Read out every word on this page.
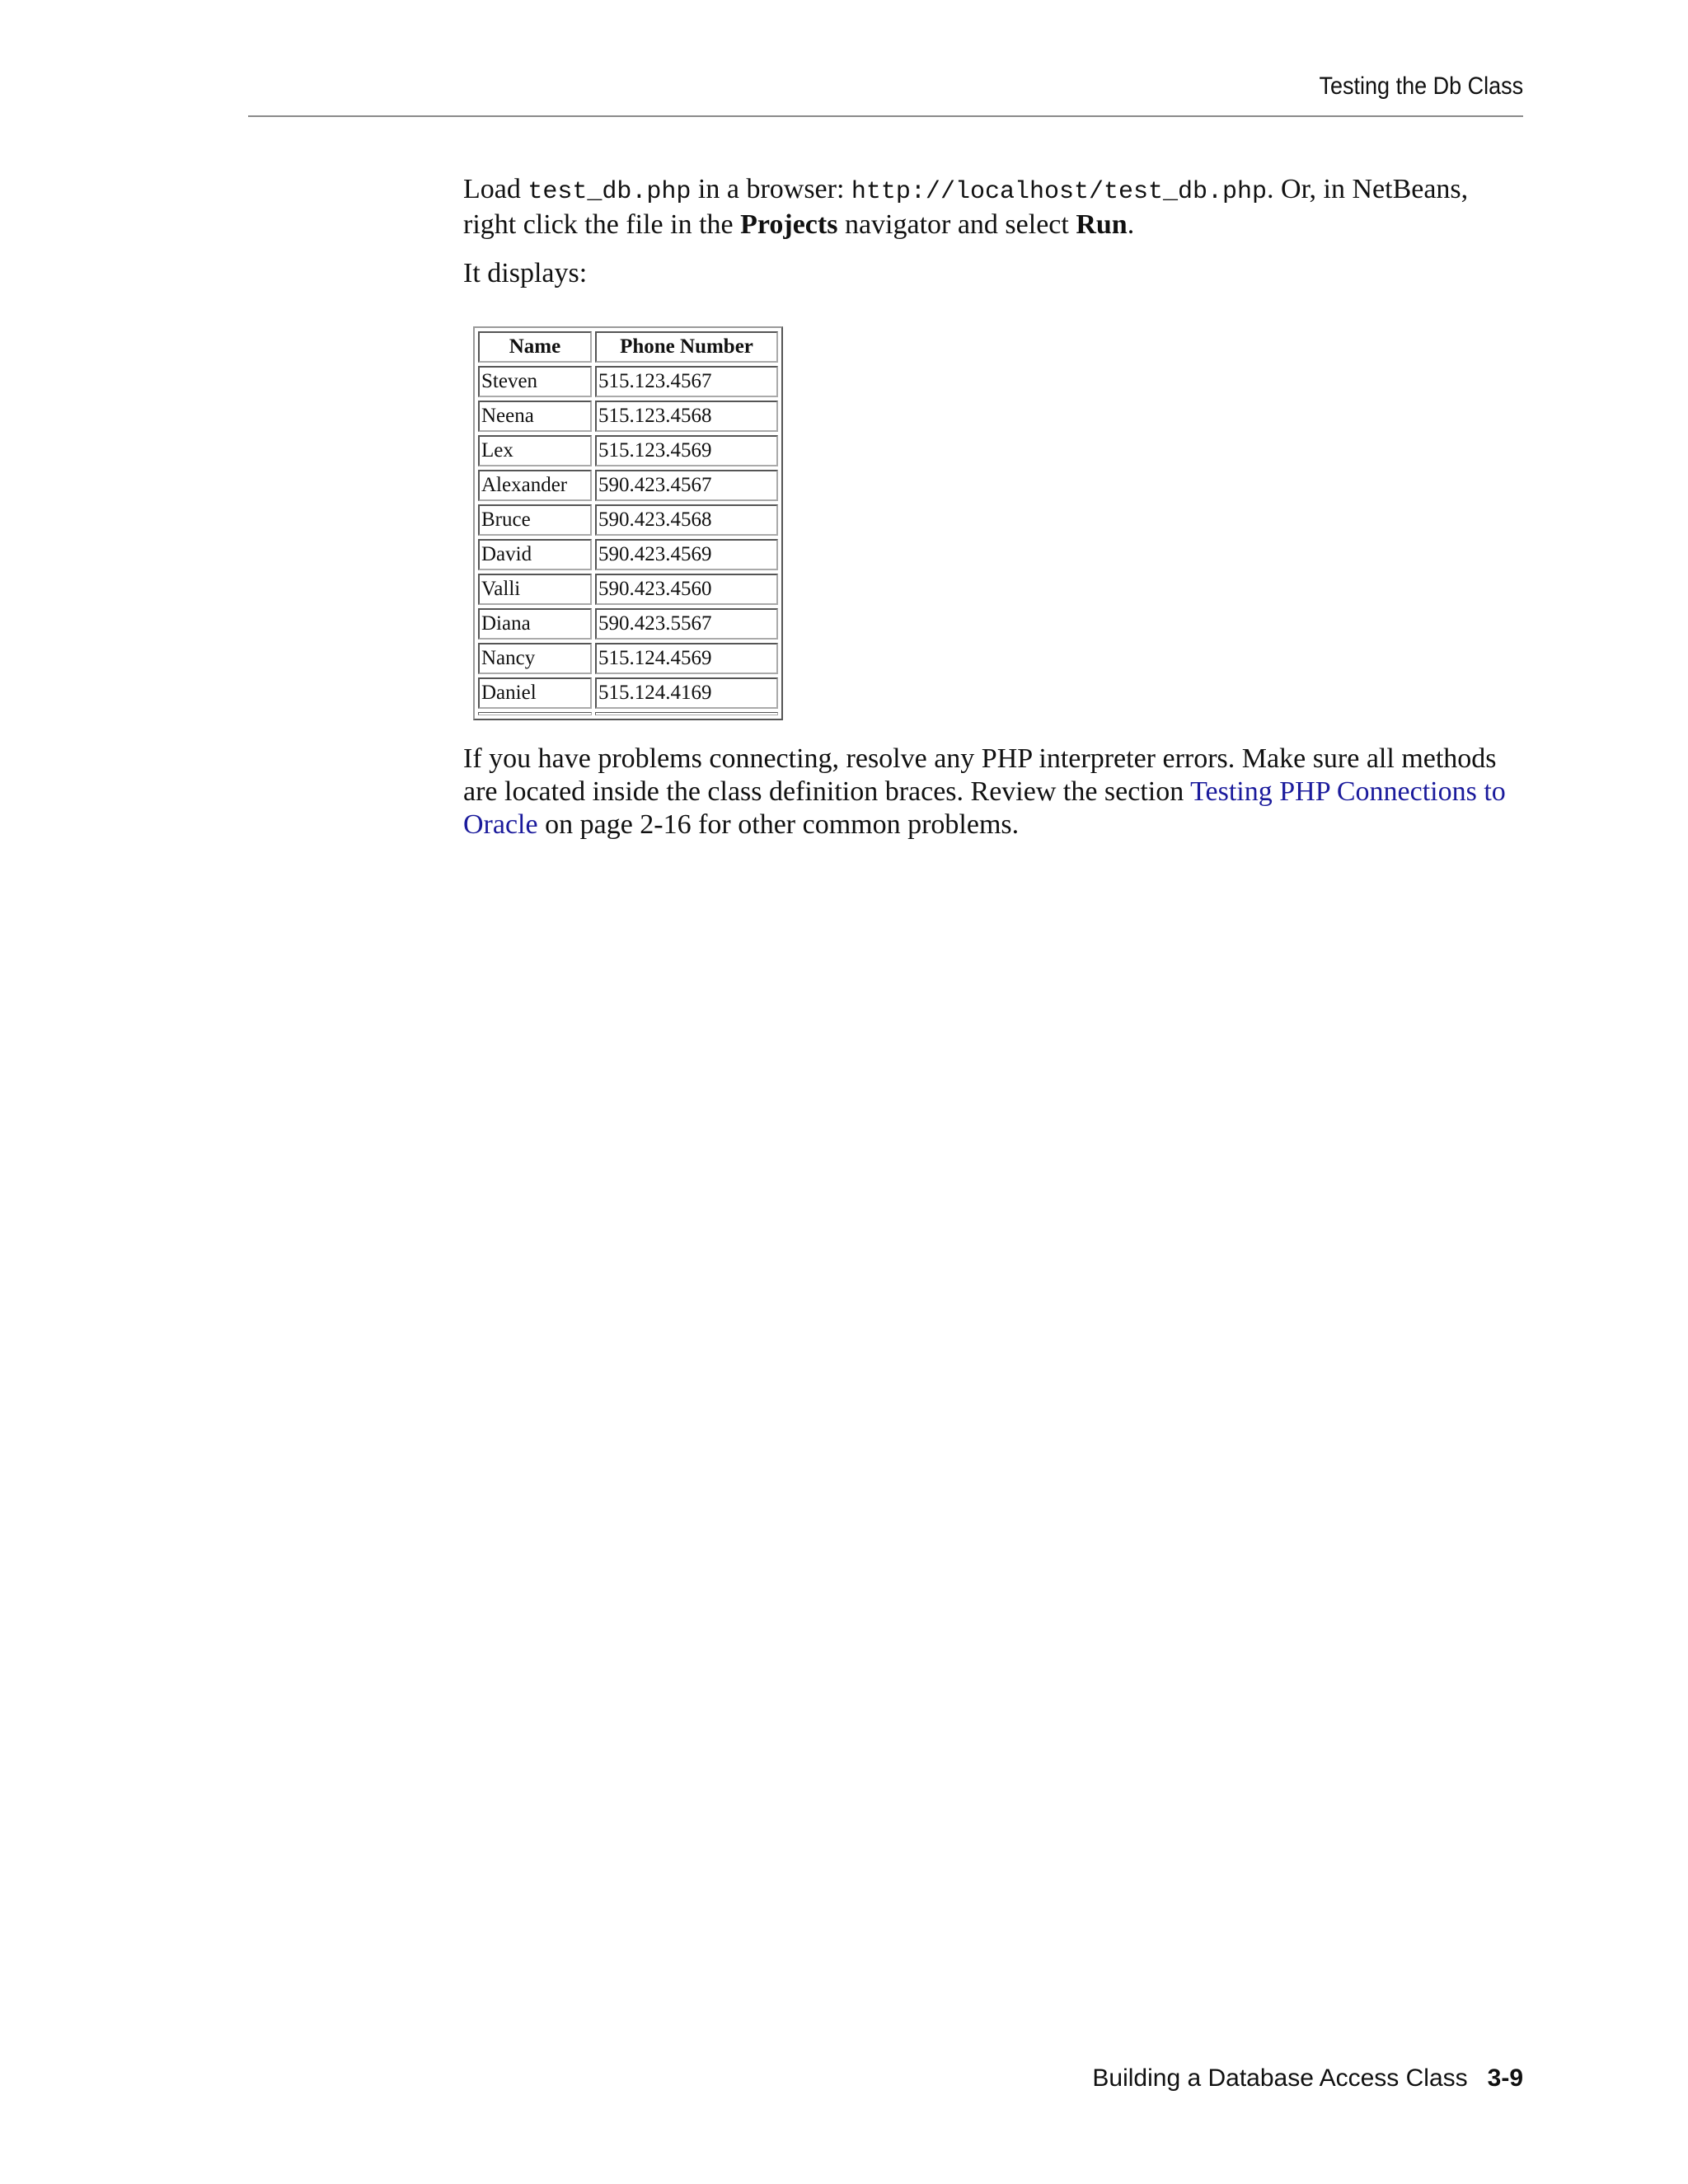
Testing the Db Class

Load test_db.php in a browser: http://localhost/test_db.php. Or, in NetBeans, right click the file in the Projects navigator and select Run.

It displays:

Name	Phone Number
Steven	515.123.4567
Neena	515.123.4568
Lex	515.123.4569
Alexander	590.423.4567
Bruce	590.423.4568
David	590.423.4569
Valli	590.423.4560
Diana	590.423.5567
Nancy	515.124.4569
Daniel	515.124.4169

If you have problems connecting, resolve any PHP interpreter errors. Make sure all methods are located inside the class definition braces. Review the section Testing PHP Connections to Oracle on page 2-16 for other common problems.

Building a Database Access Class 3-9
